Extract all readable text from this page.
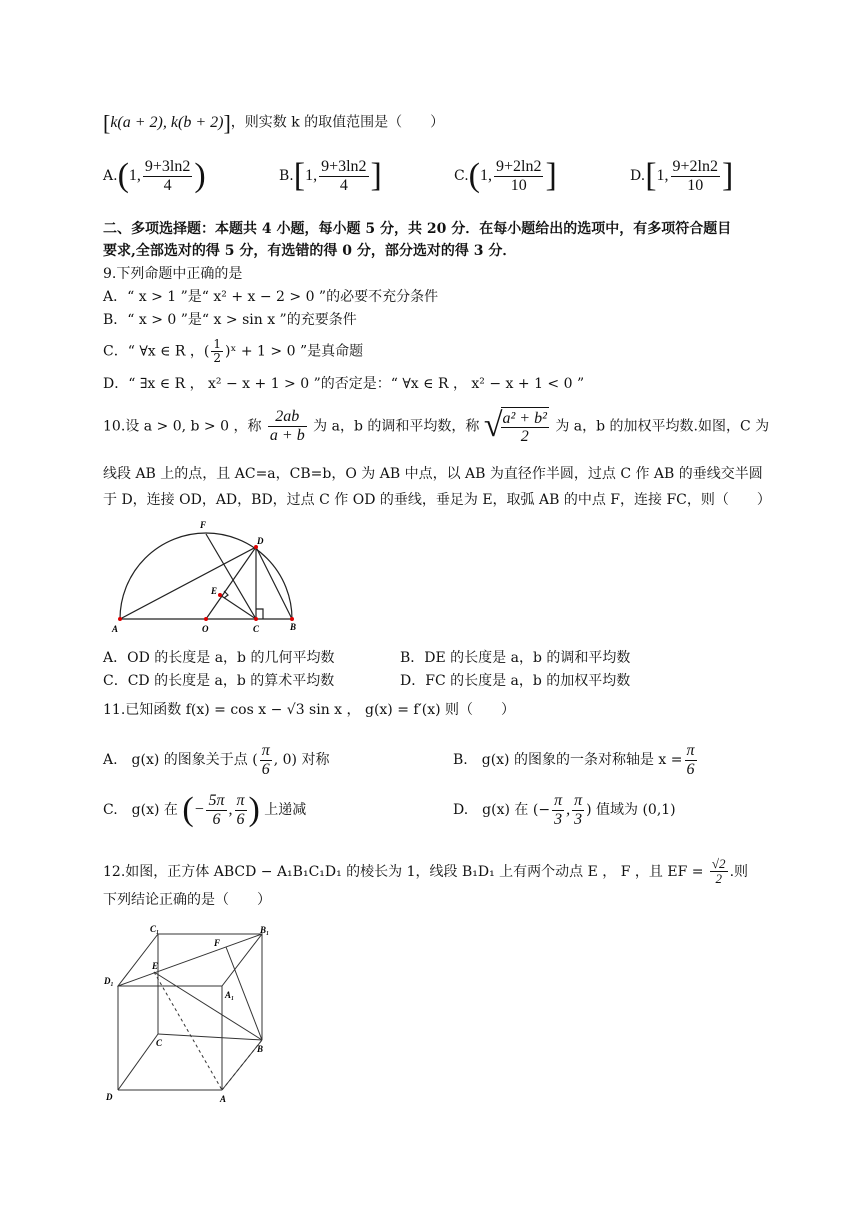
[k(a + 2), k(b + 2)]，则实数 k 的取值范围是（　　）
A.(1, $\frac{9+3\ln 2}{4}$ )	B.[1, $\frac{9+3\ln 2}{4}$ ]	C.(1, $\frac{9+2\ln 2}{10}$ ]	D.[1, $\frac{9+2\ln 2}{10}$ ]
二、多项选择题：本题共 4 小题，每小题 5 分，共 20 分．在每小题给出的选项中，有多项符合题目
要求,全部选对的得 5 分，有选错的得 0 分，部分选对的得 3 分．
9.下列命题中正确的是
A．“ x > 1 ”是“ x² + x − 2 > 0 ”的必要不充分条件
B．“ x > 0 ”是“ x > sin x ”的充要条件
C．“ ∀x ∈ R ，( $\frac{1}{2}$ )ˣ + 1 > 0 ”是真命题
D．“ ∃x ∈ R ， x² − x + 1 > 0 ”的否定是：“ ∀x ∈ R ， x² − x + 1 < 0 ”
10.设 a > 0, b > 0 ，称 $\frac{2ab}{a + b}$ 为 a，b 的调和平均数，称 √
$\frac{\text{a² + b²}}{2}$ 为 a，b 的加权平均数.如图，C 为
线段 AB 上的点，且 AC=a，CB=b，O 为 AB 中点，以 AB 为直径作半圆，过点 C 作 AB 的垂线交半圆
于 D，连接 OD，AD，BD，过点 C 作 OD 的垂线，垂足为 E，取弧 AB 的中点 F，连接 FC，则（　　）
F
D
E
A	O	C	B
A．OD 的长度是 a，b 的几何平均数	B．DE 的长度是 a，b 的调和平均数
C．CD 的长度是 a，b 的算术平均数	D．FC 的长度是 a，b 的加权平均数
11.已知函数 f(x) = cos x − √3 sin x ， g(x) = f′(x) 则（　　）
A.　g(x) 的图象关于点 ( $\frac{\pi}{6}$ , 0) 对称	B.　g(x) 的图象的一条对称轴是 $x = \frac{\pi}{6}$
C.　g(x) 在 (− $\frac{5\pi}{6}$ , $\frac{\pi}{6}$ ) 上递减	D.　g(x) 在 (− $\frac{\pi}{3}$ , $\frac{\pi}{3}$ ) 值域为 (0,1)
12.如图，正方体 ABCD − A₁B₁C₁D₁ 的棱长为 1，线段 B₁D₁ 上有两个动点 E ， F ，且 EF = $\frac{√2}{2}$ .则
下列结论正确的是（　　）
C₁
F
B₁
D₁
E
A₁
C
B
D	A
